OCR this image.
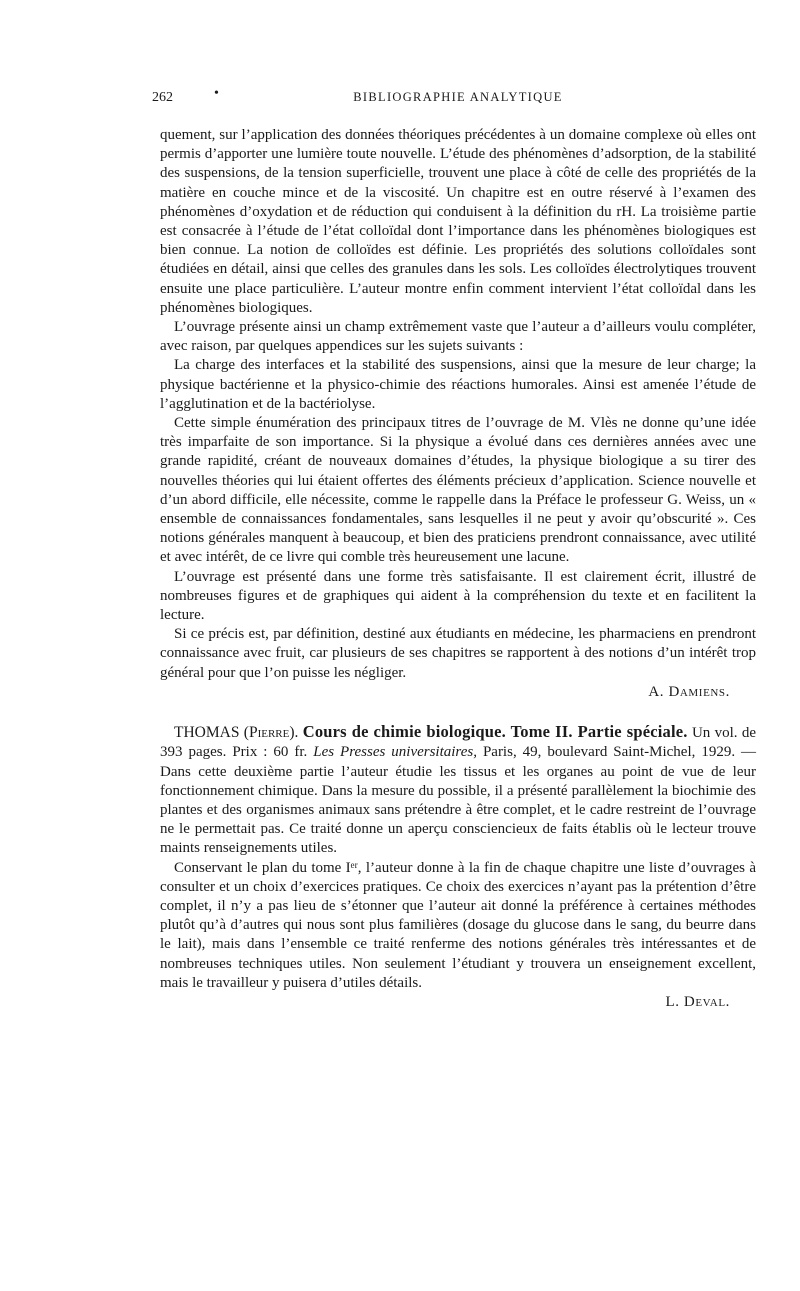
262	•	BIBLIOGRAPHIE ANALYTIQUE

quement, sur l’application des données théoriques précédentes à un domaine complexe où elles ont permis d’apporter une lumière toute nouvelle. L’étude des phénomènes d’adsorption, de la stabilité des suspensions, de la tension superficielle, trouvent une place à côté de celle des propriétés de la matière en couche mince et de la viscosité. Un chapitre est en outre réservé à l’examen des phénomènes d’oxydation et de réduction qui conduisent à la définition du rH. La troisième partie est consacrée à l’étude de l’état colloïdal dont l’importance dans les phénomènes biologiques est bien connue. La notion de colloïdes est définie. Les propriétés des solutions colloïdales sont étudiées en détail, ainsi que celles des granules dans les sols. Les colloïdes électrolytiques trouvent ensuite une place particulière. L’auteur montre enfin comment intervient l’état colloïdal dans les phénomènes biologiques.

L’ouvrage présente ainsi un champ extrêmement vaste que l’auteur a d’ailleurs voulu compléter, avec raison, par quelques appendices sur les sujets suivants :

La charge des interfaces et la stabilité des suspensions, ainsi que la mesure de leur charge; la physique bactérienne et la physico-chimie des réactions humorales. Ainsi est amenée l’étude de l’agglutination et de la bactériolyse.

Cette simple énumération des principaux titres de l’ouvrage de M. Vlès ne donne qu’une idée très imparfaite de son importance. Si la physique a évolué dans ces dernières années avec une grande rapidité, créant de nouveaux domaines d’études, la physique biologique a su tirer des nouvelles théories qui lui étaient offertes des éléments précieux d’application. Science nouvelle et d’un abord difficile, elle nécessite, comme le rappelle dans la Préface le professeur G. Weiss, un « ensemble de connaissances fondamentales, sans lesquelles il ne peut y avoir qu’obscurité ». Ces notions générales manquent à beaucoup, et bien des praticiens prendront connaissance, avec utilité et avec intérêt, de ce livre qui comble très heureusement une lacune.

L’ouvrage est présenté dans une forme très satisfaisante. Il est clairement écrit, illustré de nombreuses figures et de graphiques qui aident à la compréhension du texte et en facilitent la lecture.

Si ce précis est, par définition, destiné aux étudiants en médecine, les pharmaciens en prendront connaissance avec fruit, car plusieurs de ses chapitres se rapportent à des notions d’un intérêt trop général pour que l’on puisse les négliger.

A. Damiens.

THOMAS (Pierre). Cours de chimie biologique. Tome II. Partie spéciale. Un vol. de 393 pages. Prix : 60 fr. Les Presses universitaires, Paris, 49, boulevard Saint-Michel, 1929. — Dans cette deuxième partie l’auteur étudie les tissus et les organes au point de vue de leur fonctionnement chimique. Dans la mesure du possible, il a présenté parallèlement la biochimie des plantes et des organismes animaux sans prétendre à être complet, et le cadre restreint de l’ouvrage ne le permettait pas. Ce traité donne un aperçu consciencieux de faits établis où le lecteur trouve maints renseignements utiles.

Conservant le plan du tome Iᵉʳ, l’auteur donne à la fin de chaque chapitre une liste d’ouvrages à consulter et un choix d’exercices pratiques. Ce choix des exercices n’ayant pas la prétention d’être complet, il n’y a pas lieu de s’étonner que l’auteur ait donné la préférence à certaines méthodes plutôt qu’à d’autres qui nous sont plus familières (dosage du glucose dans le sang, du beurre dans le lait), mais dans l’ensemble ce traité renferme des notions générales très intéressantes et de nombreuses techniques utiles. Non seulement l’étudiant y trouvera un enseignement excellent, mais le travailleur y puisera d’utiles détails.

L. Deval.
